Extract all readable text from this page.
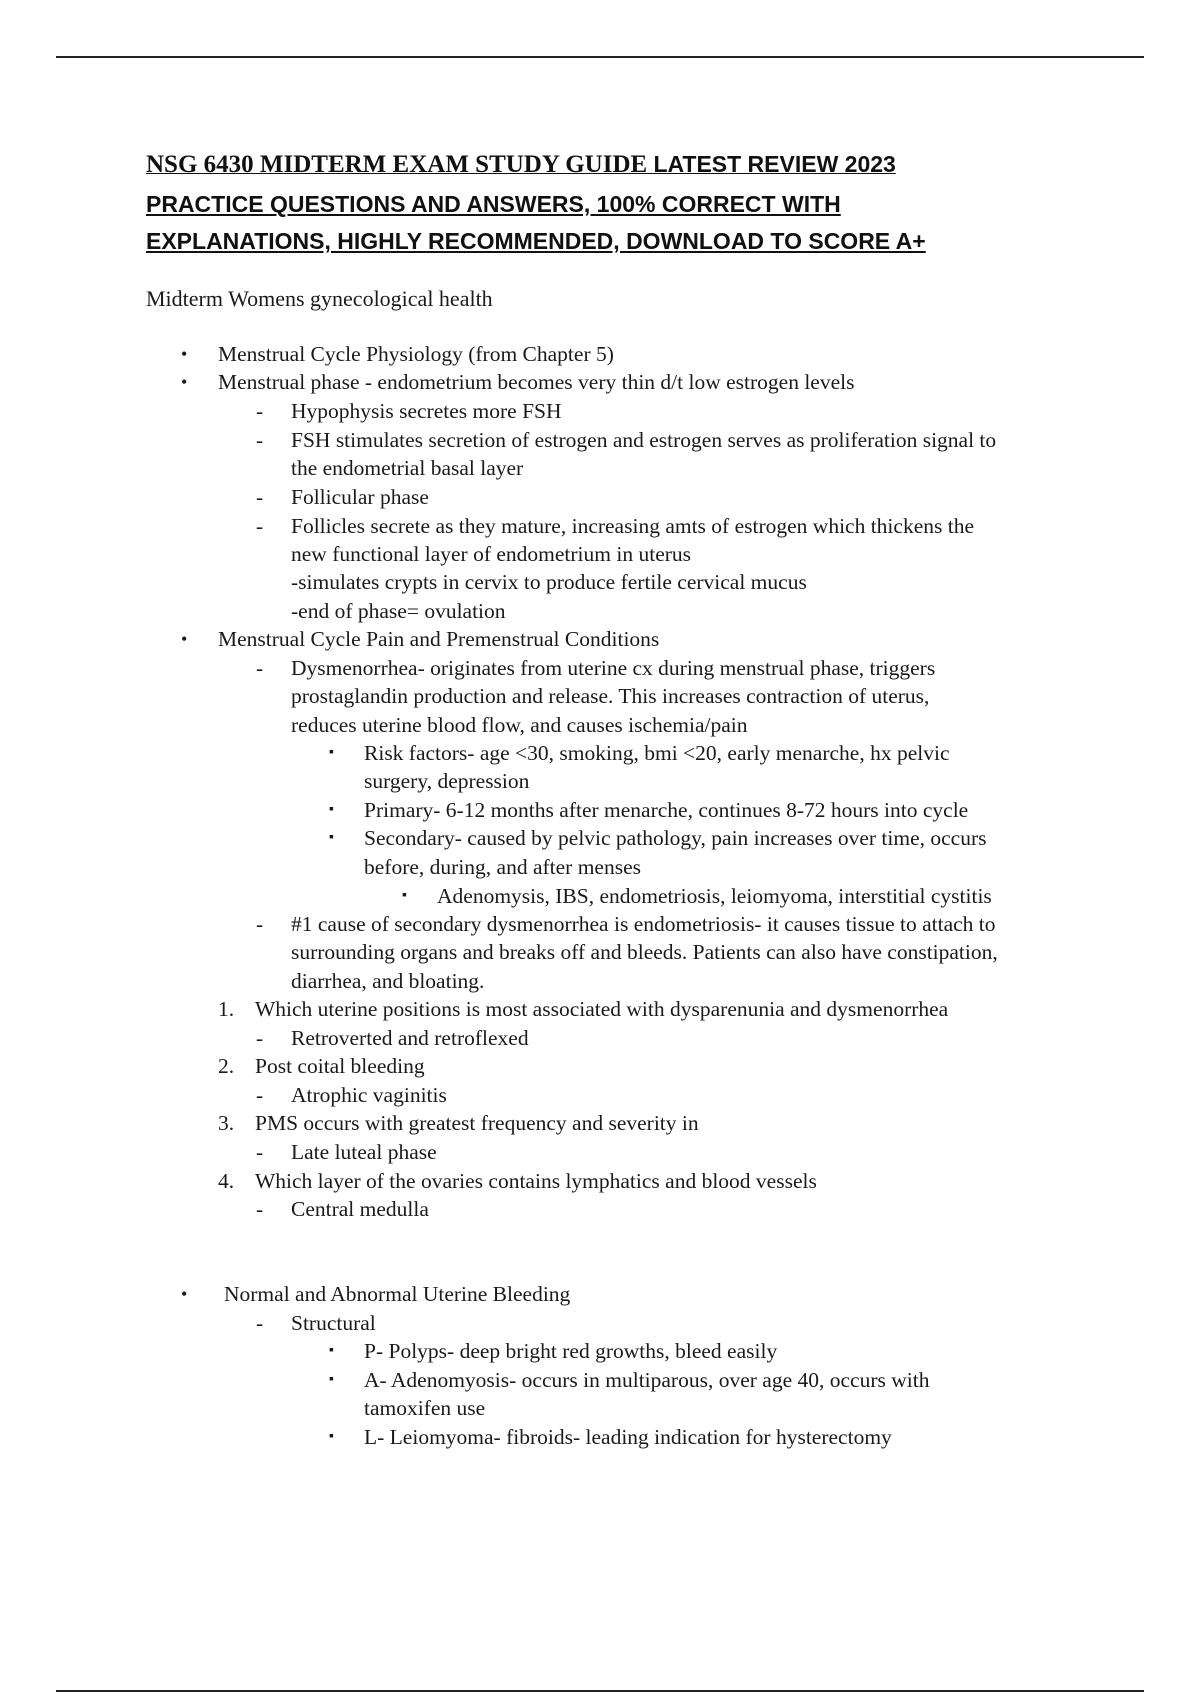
NSG 6430 MIDTERM EXAM STUDY GUIDE LATEST REVIEW 2023
PRACTICE QUESTIONS AND ANSWERS, 100% CORRECT WITH
EXPLANATIONS, HIGHLY RECOMMENDED, DOWNLOAD TO SCORE A+
Midterm Womens gynecological health
•
•
-
-
-
-
•
-
▪
▪
▪
▪
-
1.
-
2.
-
3.
-
4.
-
•
-
▪
▪
▪
Menstrual Cycle Physiology (from Chapter 5)
Menstrual phase - endometrium becomes very thin d/t low estrogen levels
Hypophysis secretes more FSH
FSH stimulates secretion of estrogen and estrogen serves as proliferation signal to
the endometrial basal layer
Follicular phase
Follicles secrete as they mature, increasing amts of estrogen which thickens the
new functional layer of endometrium in uterus
-simulates crypts in cervix to produce fertile cervical mucus
-end of phase= ovulation
Menstrual Cycle Pain and Premenstrual Conditions
Dysmenorrhea- originates from uterine cx during menstrual phase, triggers
prostaglandin production and release. This increases contraction of uterus,
reduces uterine blood flow, and causes ischemia/pain
Risk factors- age <30, smoking, bmi <20, early menarche, hx pelvic
surgery, depression
Primary- 6-12 months after menarche, continues 8-72 hours into cycle
Secondary- caused by pelvic pathology, pain increases over time, occurs
before, during, and after menses
Adenomysis, IBS, endometriosis, leiomyoma, interstitial cystitis
#1 cause of secondary dysmenorrhea is endometriosis- it causes tissue to attach to
surrounding organs and breaks off and bleeds. Patients can also have constipation,
diarrhea, and bloating.
Which uterine positions is most associated with dysparenunia and dysmenorrhea
Retroverted and retroflexed
Post coital bleeding
Atrophic vaginitis
PMS occurs with greatest frequency and severity in
Late luteal phase
Which layer of the ovaries contains lymphatics and blood vessels
Central medulla
Normal and Abnormal Uterine Bleeding
Structural
P- Polyps- deep bright red growths, bleed easily
A- Adenomyosis- occurs in multiparous, over age 40, occurs with
tamoxifen use
L- Leiomyoma- fibroids- leading indication for hysterectomy
